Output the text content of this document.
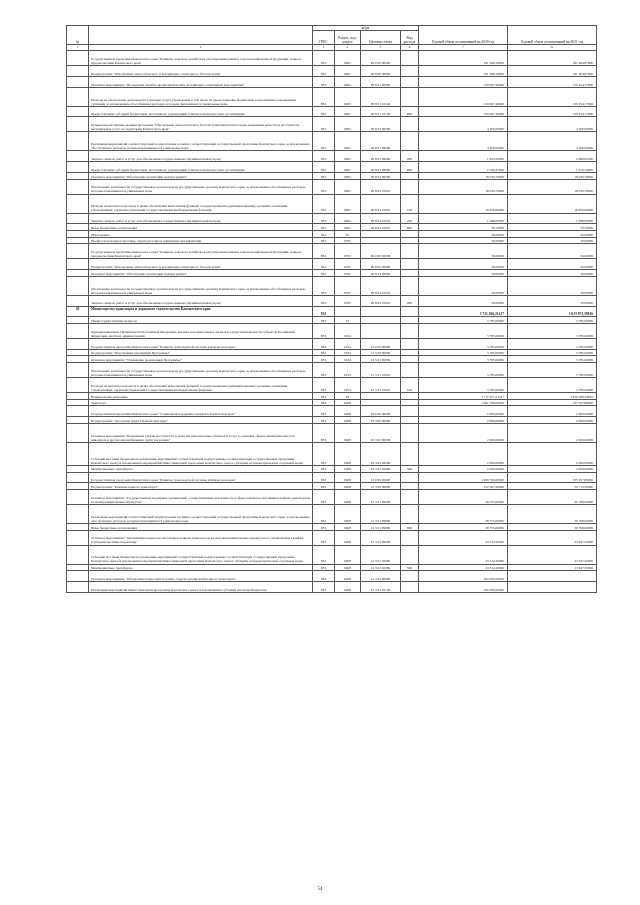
№		коды				Годовой объем ассигнований на 2020 год	Годовой объем ассигнований на 2021 год
		ГРБС	Раздел, под- раздел	Целевая статья	Вид расхода		
1	2	3	4	5	6	7	8
	Государственная программа Камчатского края "Развитие сельского хозяйства и регулирования рынков сельскохозяйственной продукции, сырья и продовольствия Камчатского края"	832	0405	09 0 00 00000		181 298,18000	181 484,87000
	Подпрограмма "Обеспечение эпизоотического и ветеринарно-санитарного благополучия"	832	0405	09 8 00 00000		181 298,18000	181 484,87000
	Основное мероприятие "Проведение лечебно-профилактических, ветеринарно-санитарных мероприятий"	832	0405	09 8 01 00000		159 067,46000	159 254,17000
	Расходы на обеспечение деятельности (оказание услуг) учреждений, в том числе на предоставление бюджетным и автономным учреждениям субсидий, за исключением обособленных расходов, которым присваиваются уникальные коды	832	0405	09 8 01 10140		159 067,46000	159 254,17000
	Предоставление субсидий бюджетным, автономным учреждениям и иным некоммерческим организациям	832	0405	09 8 01 10140	600	159 067,46000	159 254,17000
	Краевая ведомственная целевая программа "Обеспечение эпизоотического благополучия Камчатского края, повышение качества и доступности ветеринарных услуг на территории Камчатского края"	832	0405	09 8 03 00000		4 200,00000	4 200,00000
	Реализация мероприятий соответствующей подпрограммы в рамках соответствующей государственной программы Камчатского края, за исключением обособленных расходов, которым присваиваются уникальные коды	832	0405	09 8 03 09990		4 200,00000	4 200,00000
	Закупка товаров, работ и услуг для обеспечения государственных (муниципальных) нужд	832	0405	09 8 03 09990	200	1 653,50000	2 980,65200
	Предоставление субсидий бюджетным, автономным учреждениям и иным некоммерческим организациям	832	0405	09 8 03 09990	600	2 546,47000	1 219,34800
	Основное мероприятие "Обеспечение реализации подпрограммы"	832	0405	09 8 04 00000		18 030,79000	18 030,79000
	Обеспечение деятельности государственных органов власти (государственных органов) Камчатского края, за исключением обособленных расходов, которым присваиваются уникальные коды	832	0405	09 8 04 10010		18 030,79000	18 030,79000
	Расходы на выплаты персоналу в целях обеспечения выполнения функций государственными (муниципальными) органами, казенными учреждениями, органами управления государственными внебюджетными фондами	832	0405	09 8 04 10010	100	16 856,00000	16 856,00000
	Закупка товаров, работ и услуг для обеспечения государственных (муниципальных) нужд	832	0405	09 8 04 10010	200	1 098,00000	1 098,00000
	Иные бюджетные ассигнования	832	0405	09 8 04 10010	800	76,79000	76,79000
	Образование	832	07			30,00000	30,00000
	Профессиональная подготовка, переподготовка и повышение квалификации	832	0705			30,00000	30,00000
	Государственная программа Камчатского края "Развитие сельского хозяйства и регулирования рынков сельскохозяйственной продукции, сырья и продовольствия Камчатского края"	832	0705	09 0 00 00000		30,00000	30,00000
	Подпрограмма "Обеспечение эпизоотического и ветеринарно-санитарного благополучия"	832	0705	09 8 00 00000		30,00000	30,00000
	Основное мероприятие "Обеспечение реализации подпрограммы"	832	0705	09 8 04 00000		30,00000	30,00000
	Обеспечение деятельности государственных органов власти (государственных органов) Камчатского края, за исключением обособленных расходов, которым присваиваются уникальные коды	832	0705	09 8 04 10010		30,00000	30,00000
	Закупка товаров, работ и услуг для обеспечения государственных (муниципальных) нужд	832	0705	09 8 04 10010	200	30,00000	30,00000
20	Министерство транспорта и дорожного строительства Камчатского края	833				3 721 456,21417	3 613 973,39816
	Общегосударственные вопросы	833	01			3 785,00000	3 785,00000
	Функционирование Правительства Российской Федерации, высших исполнительных органов государственной власти субъектов Российской Федерации, местных администраций	833	0104			3 785,00000	3 785,00000
	Государственная программа Камчатского края "Развитие транспортной системы в Камчатском крае"	833	0104	12 0 00 00000		3 785,00000	3 785,00000
	Подпрограмма "Обеспечение реализации Программы"	833	0104	12 5 00 00000		3 785,00000	3 785,00000
	Основное мероприятие "Управление реализацией Программы"	833	0104	12 5 01 00000		3 785,00000	3 785,00000
	Обеспечение деятельности государственных органов власти (государственных органов) Камчатского края, за исключением обособленных расходов, которым присваиваются уникальные коды	833	0104	12 5 01 10010		3 785,00000	3 785,00000
	Расходы на выплаты персоналу в целях обеспечения выполнения функций государственными (муниципальными) органами, казенными учреждениями, органами управления государственными внебюджетными фондами	833	0104	12 5 01 10010	100	3 785,00000	3 785,00000
	Национальная экономика	833	04			3 717 671,21417	3 610 188,39816
	Транспорт	833	0408			1 661 766,00000	767 257,80000
	Государственная программа Камчатского края "Социальная поддержка граждан в Камчатском крае"	833	0408	03 0 00 00000		2 000,00000	2 000,00000
	Подпрограмма "Доступная среда в Камчатском крае"	833	0408	03 3 00 00000		2 000,00000	2 000,00000
	Основное мероприятие "Повышение уровня доступности и качества приоритетных объектов и услуг в основных сферах жизнедеятельности инвалидов и других маломобильных групп населения"	833	0408	03 3 02 00000		2 000,00000	2 000,00000
	Субсидии местным бюджетам на реализацию мероприятий соответствующей подпрограммы соответствующей государственной программы Камчатского края (за исключением мероприятий Инвестиционной программы Камчатского края и субсидий, которым присвоены отдельные коды)	833	0408	03 3 02 40060		2 000,00000	2 000,00000
	Межбюджетные трансферты	833	0408	03 3 02 40060	500	2 000,00000	2 000,00000
	Государственная программа Камчатского края "Развитие транспортной системы в Камчатском крае"	833	0408	12 0 00 00000		1 659 766,00000	765 257,80000
	Подпрограмма "Развитие водного транспорта"	833	0408	12 3 00 00000		352 267,20000	54 715,50000
	Основное мероприятие "Государственная поддержка организаций, осуществляющих деятельность в сфере перевозок пассажиров водным транспортом на межмуниципальных маршрутах"	833	0408	12 3 01 00000		28 755,00000	30 768,00000
	Реализация мероприятий соответствующей подпрограммы в рамках соответствующей государственной программы Камчатского края, за исключением обособленных расходов, которым присваиваются уникальные коды	833	0408	12 3 01 09990		28 755,00000	30 768,00000
	Иные бюджетные ассигнования	833	0408	12 3 01 09990	800	28 755,00000	30 768,00000
	Основное мероприятие "Организация перевозок пассажиров водным транспортом на внутримуниципальных маршрутах по специальным тарифам (субсидии местным бюджетам)"	833	0408	12 3 02 00000		23 312,20000	23 947,50000
	Субсидии местным бюджетам на реализацию мероприятий соответствующей подпрограммы соответствующей государственной программы Камчатского края (за исключением мероприятий Инвестиционной программы Камчатского края и субсидий, которым присвоены отдельные коды)	833	0408	12 3 02 40060		23 312,20000	23 947,50000
	Межбюджетные трансферты	833	0408	12 3 02 40060	500	23 312,20000	23 947,50000
	Основное мероприятие "Обновление парка транспортных средств организаций водного транспорта"	833	0408	12 3 03 00000		300 000,00000	
	Реализация мероприятий Инвестиционной программы Камчатского края (за исключением субсидий местным бюджетам)	833	0408	12 3 03 20130		300 000,00000	
54
